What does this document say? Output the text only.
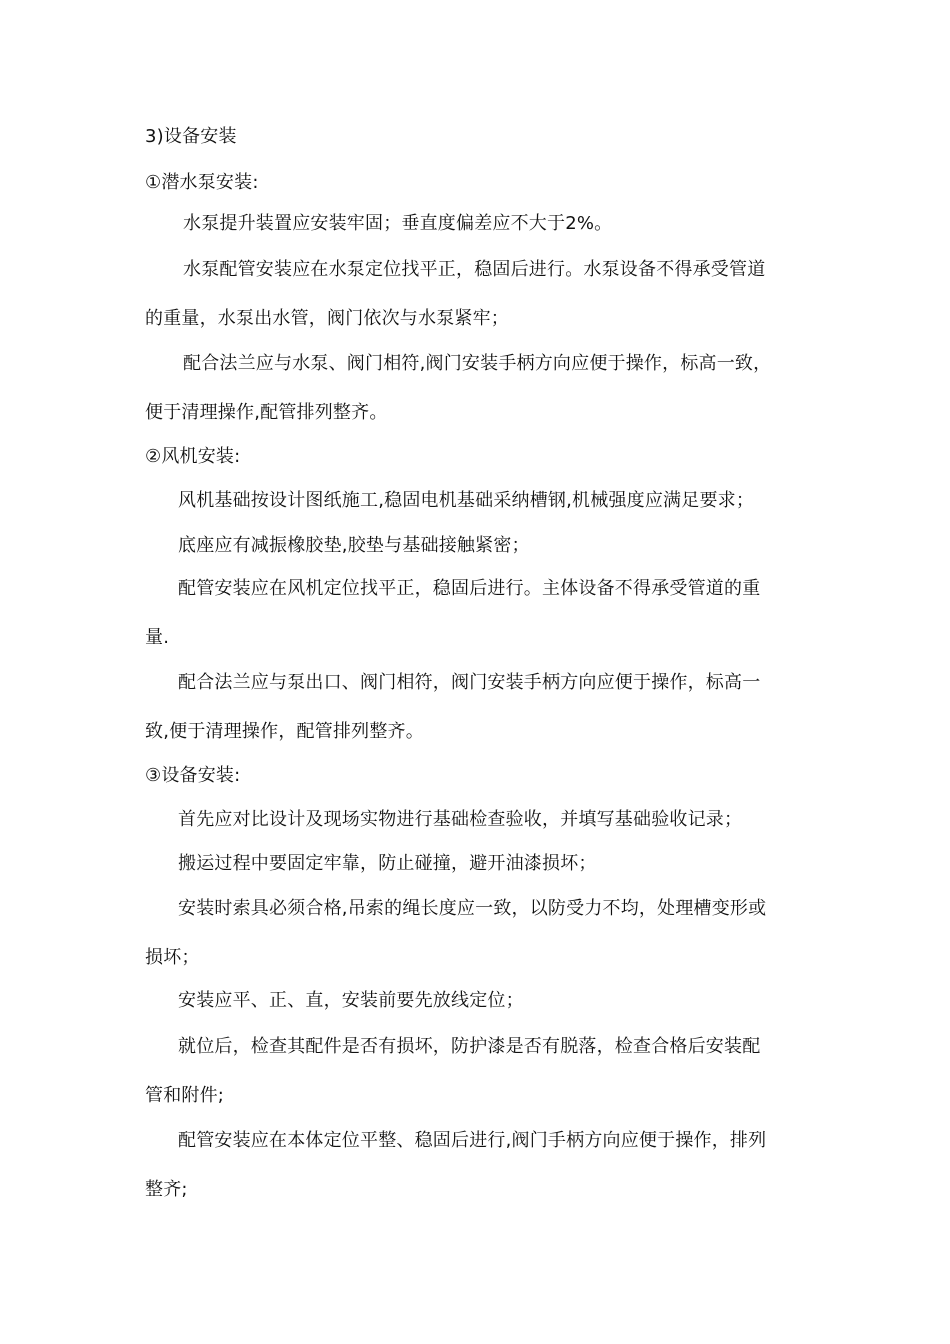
3)设备安装
①潜水泵安装:
水泵提升装置应安装牢固；垂直度偏差应不大于2%。
水泵配管安装应在水泵定位找平正，稳固后进行。水泵设备不得承受管道
的重量，水泵出水管，阀门依次与水泵紧牢；
配合法兰应与水泵、阀门相符,阀门安装手柄方向应便于操作，标高一致，
便于清理操作,配管排列整齐。
②风机安装:
风机基础按设计图纸施工,稳固电机基础采纳槽钢,机械强度应满足要求；
底座应有减振橡胶垫,胶垫与基础接触紧密；
配管安装应在风机定位找平正，稳固后进行。主体设备不得承受管道的重
量.
配合法兰应与泵出口、阀门相符，阀门安装手柄方向应便于操作，标高一
致,便于清理操作，配管排列整齐。
③设备安装:
首先应对比设计及现场实物进行基础检查验收，并填写基础验收记录；
搬运过程中要固定牢靠，防止碰撞，避开油漆损坏；
安装时索具必须合格,吊索的绳长度应一致，以防受力不均，处理槽变形或
损坏；
安装应平、正、直，安装前要先放线定位；
就位后，检查其配件是否有损坏，防护漆是否有脱落，检查合格后安装配
管和附件;
配管安装应在本体定位平整、稳固后进行,阀门手柄方向应便于操作，排列
整齐;
